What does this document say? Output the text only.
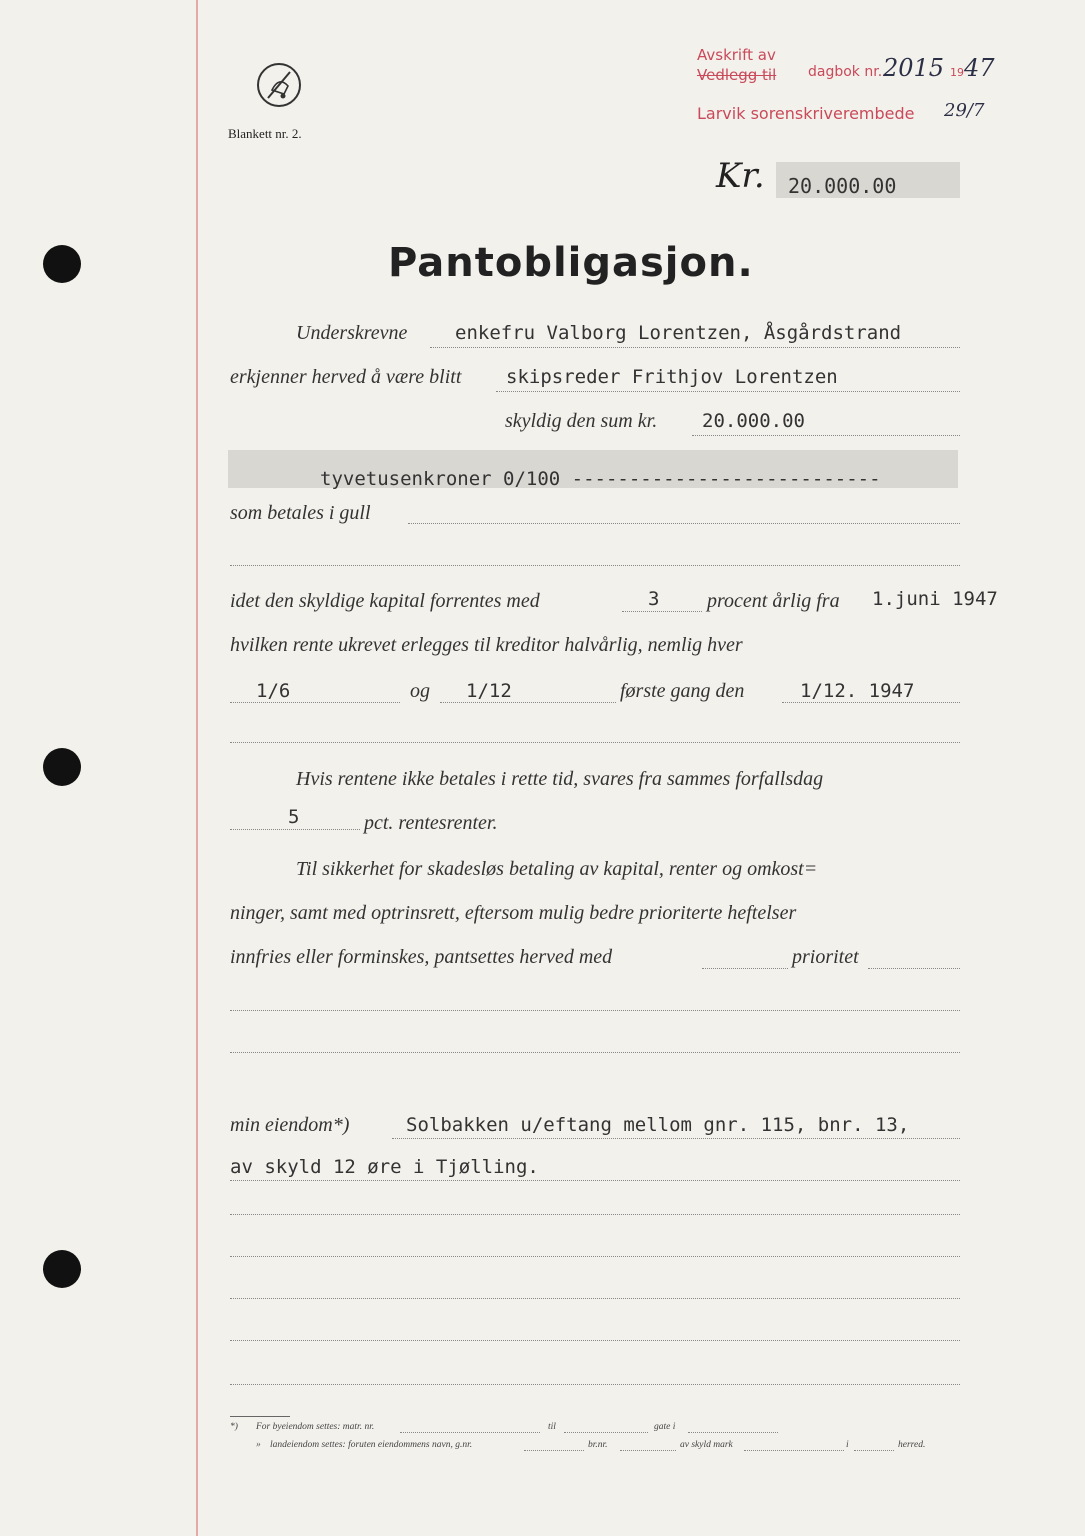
Blankett nr. 2.
Avskrift av
Vedlegg til dagbok nr. 2015 19 47
Larvik sorenskriverembede 29/7
Kr. 20.000.00
Pantobligasjon.
Underskrevne	enkefru Valborg Lorentzen, Åsgårdstrand
erkjenner herved å være blitt skipsreder Frithjov Lorentzen
skyldig den sum kr. 20.000.00
tyvetusenkroner 0/100 ---------------------------
som betales i gull
idet den skyldige kapital forrentes med	3 procent årlig fra 1.juni 1947
hvilken rente ukrevet erlegges til kreditor halvårlig, nemlig hver
1/6	og 1/12	første gang den	1/12. 1947
Hvis rentene ikke betales i rette tid, svares fra sammes forfallsdag
5	pct. rentesrenter.
Til sikkerhet for skadesløs betaling av kapital, renter og omkost=
ninger, samt med optrinsrett, eftersom mulig bedre prioriterte heftelser
innfries eller forminskes, pantsettes herved med	prioritet
min eiendom*)	Solbakken u/eftang mellom gnr. 115, bnr. 13,
av skyld 12 øre i Tjølling.
*) For byeiendom settes: matr. nr.	til	gate i
» landeiendom settes: foruten eiendommens navn, g.nr.	br.nr.	av skyld mark	i	herred.
